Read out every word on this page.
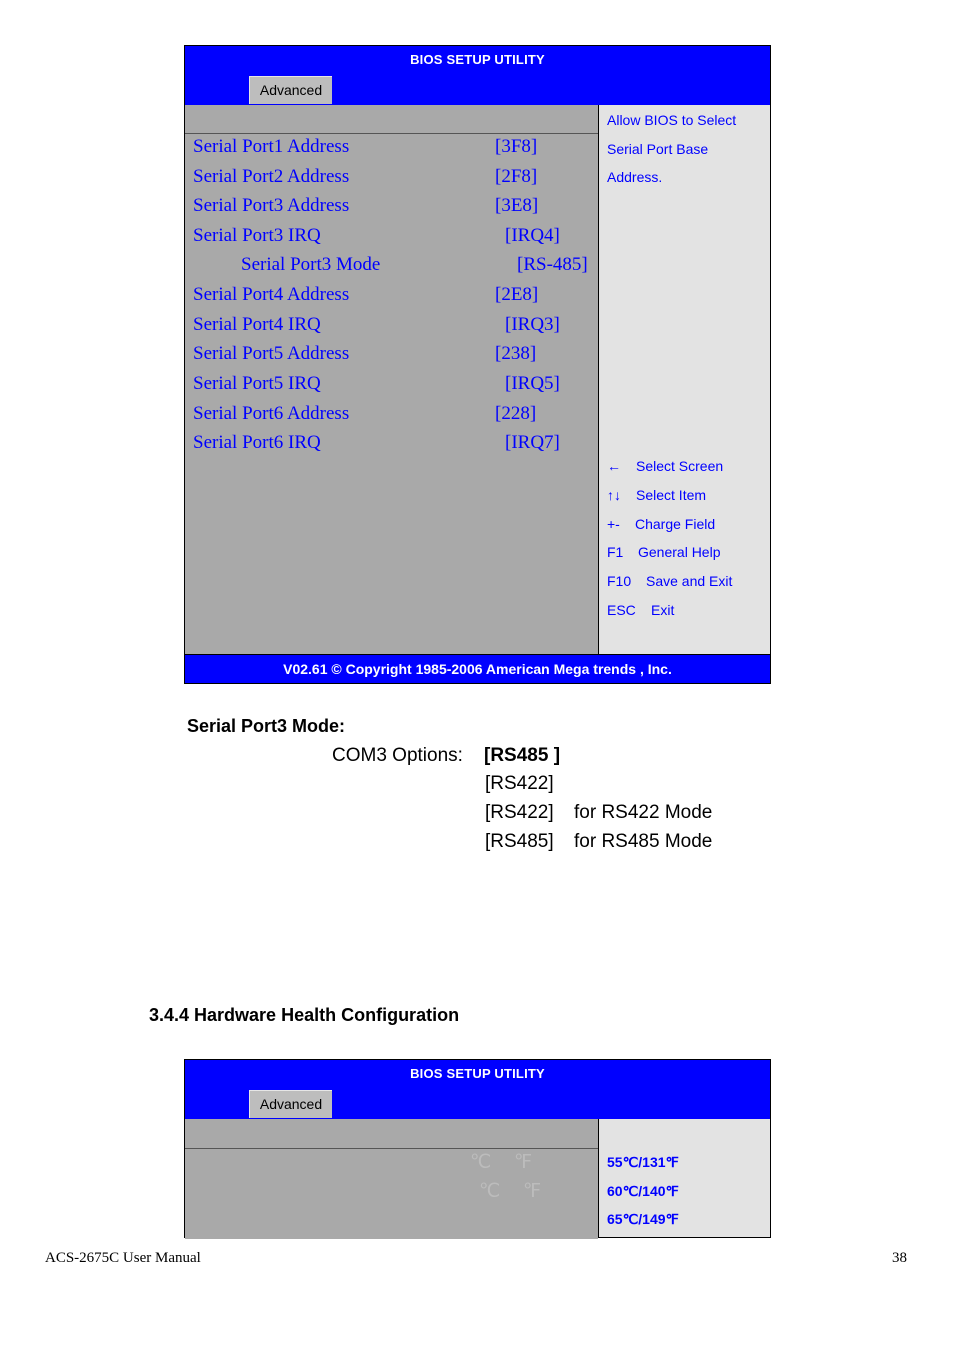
BIOS SETUP UTILITY
Advanced
Serial Port1 Address	[3F8]
Serial Port2 Address	[2F8]
Serial Port3 Address	[3E8]
Serial Port3 IRQ	[IRQ4]
Serial Port3 Mode	[RS-485]
Serial Port4 Address	[2E8]
Serial Port4 IRQ	[IRQ3]
Serial Port5 Address	[238]
Serial Port5 IRQ	[IRQ5]
Serial Port6 Address	[228]
Serial Port6 IRQ	[IRQ7]
Allow BIOS to Select
Serial Port Base
Address.
← Select Screen
↑↓ Select Item
+- Charge Field
F1 General Help
F10 Save and Exit
ESC Exit
V02.61 © Copyright 1985-2006 American Mega trends , Inc.
Serial Port3 Mode:
COM3 Options: [RS485 ]
[RS422]
[RS422] for RS422 Mode
[RS485] for RS485 Mode
3.4.4 Hardware Health Configuration
BIOS SETUP UTILITY
Advanced
℃ ℉
℃ ℉
55℃/131℉
60℃/140℉
65℃/149℉
ACS-2675C User Manual	38
